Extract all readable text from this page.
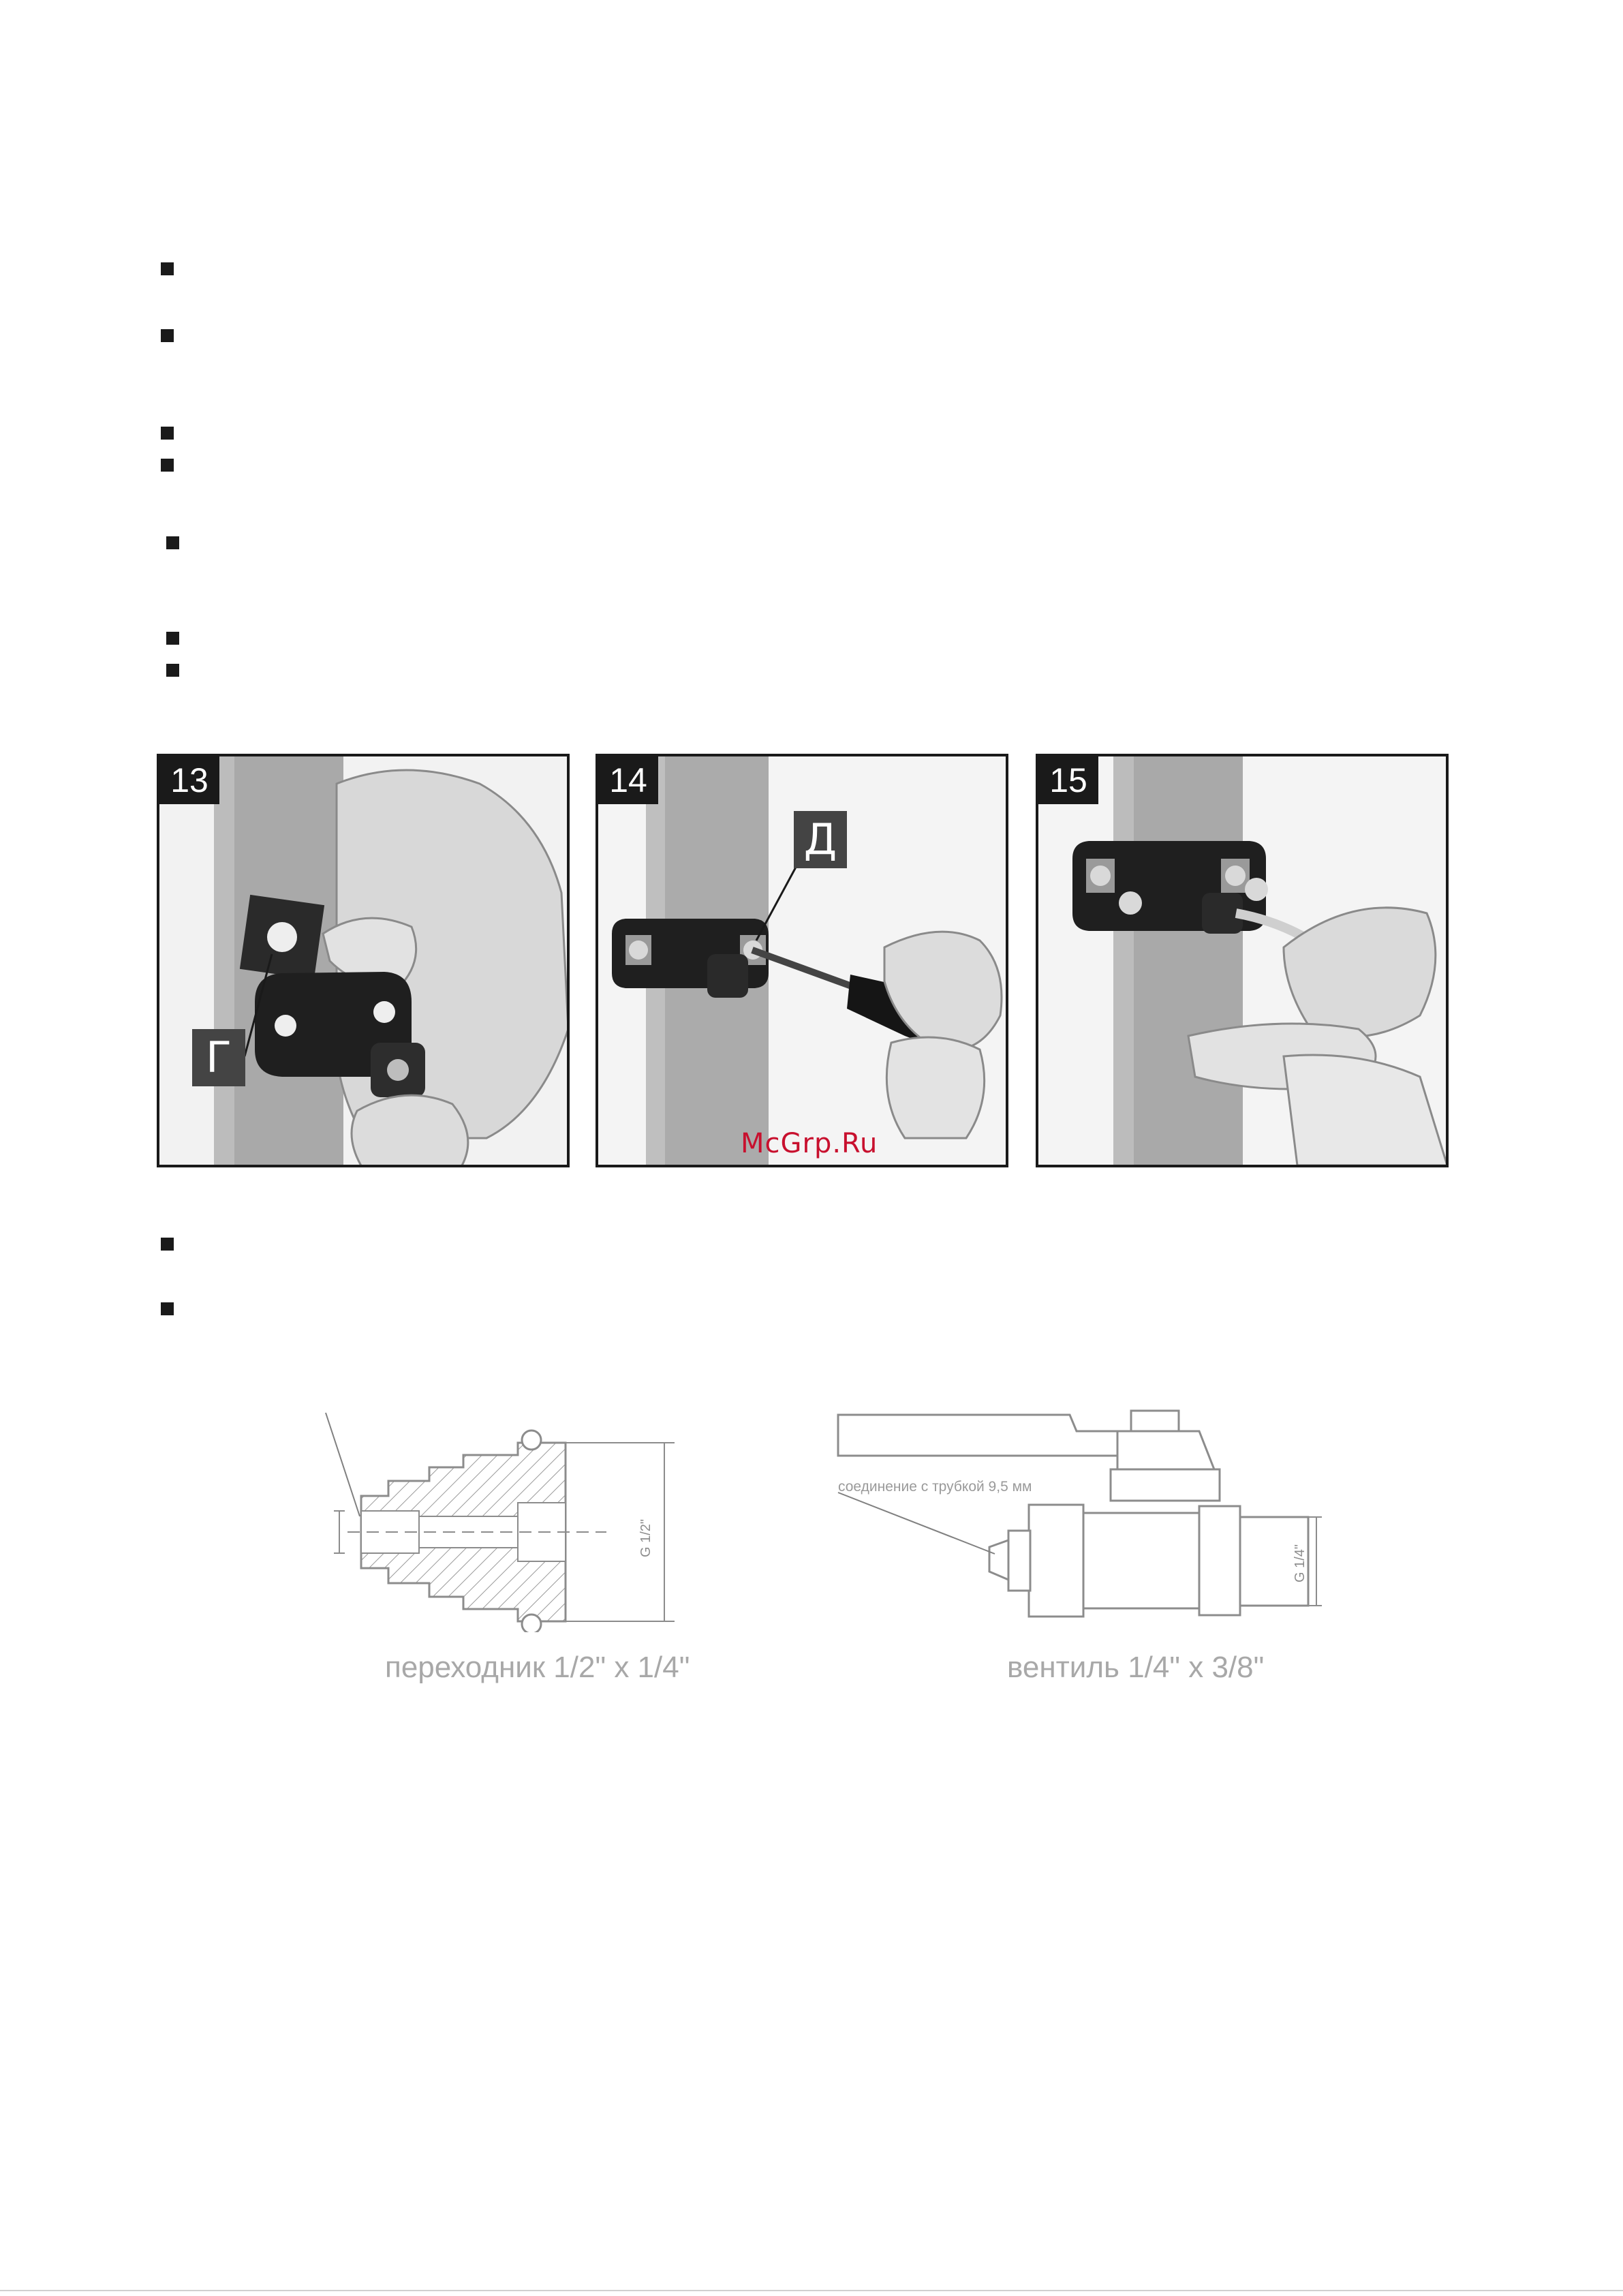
13
Г
14
Д
15
McGrp.Ru
G 1/2"
переходник 1/2" x 1/4"
G 1/4"
соединение с трубкой 9,5 мм
вентиль 1/4" x 3/8"
